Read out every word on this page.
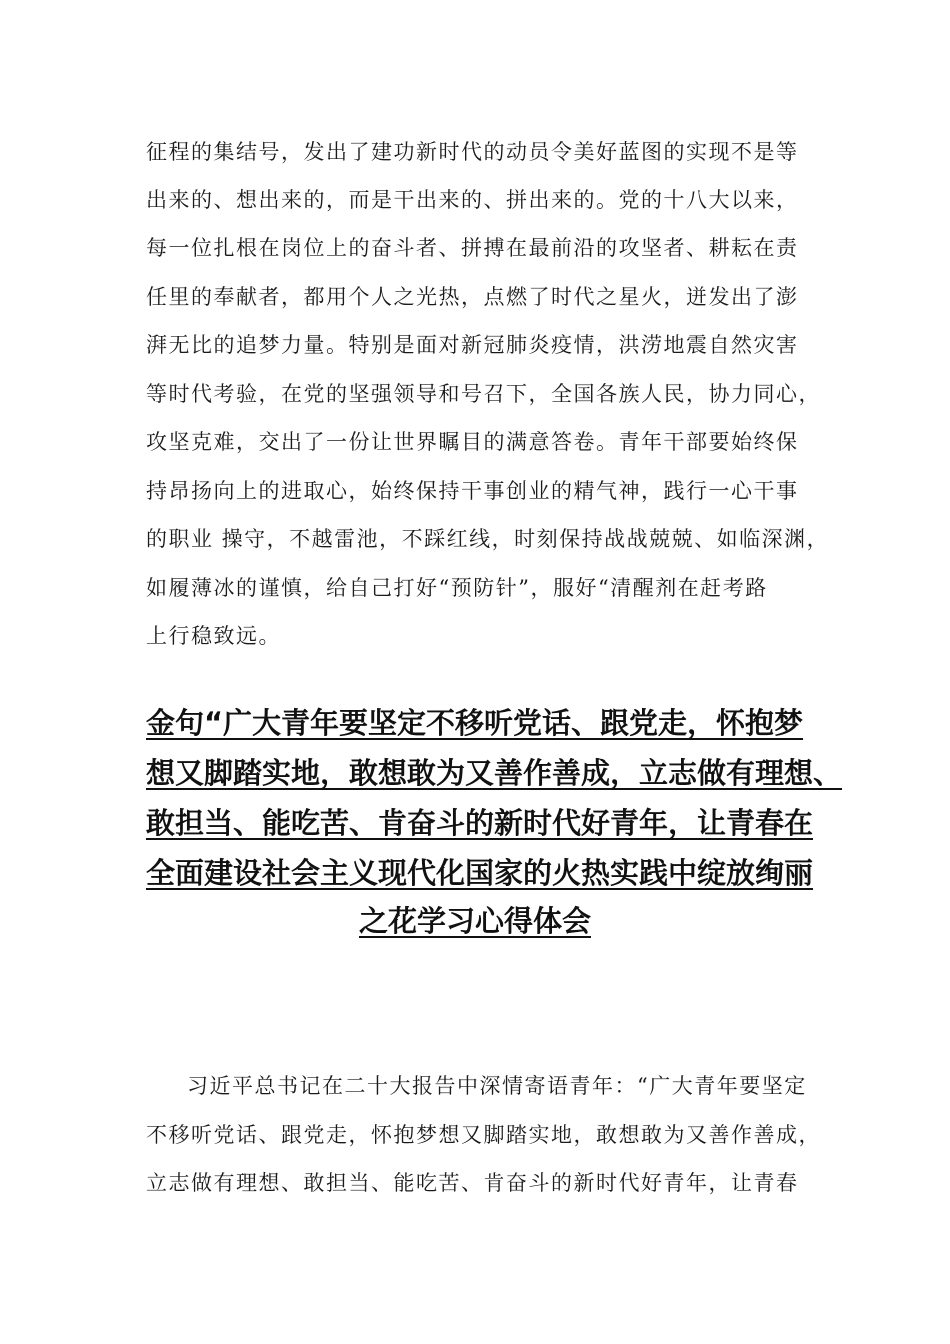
征程的集结号，发出了建功新时代的动员令美好蓝图的实现不是等
出来的、想出来的，而是干出来的、拼出来的。党的十八大以来，
每一位扎根在岗位上的奋斗者、拼搏在最前沿的攻坚者、耕耘在责
任里的奉献者，都用个人之光热，点燃了时代之星火，迸发出了澎
湃无比的追梦力量。特别是面对新冠肺炎疫情，洪涝地震自然灾害
等时代考验，在党的坚强领导和号召下，全国各族人民，协力同心，
攻坚克难，交出了一份让世界瞩目的满意答卷。青年干部要始终保
持昂扬向上的进取心，始终保持干事创业的精气神，践行一心干事
的职业 操守，不越雷池，不踩红线，时刻保持战战兢兢、如临深渊，
如履薄冰的谨慎，给自己打好“预防针”，服好“清醒剂在赶考路
上行稳致远。
金句“广大青年要坚定不移听党话、跟党走，怀抱梦
想又脚踏实地，敢想敢为又善作善成，立志做有理想、
敢担当、能吃苦、肯奋斗的新时代好青年，让青春在
全面建设社会主义现代化国家的火热实践中绽放绚丽
之花学习心得体会
习近平总书记在二十大报告中深情寄语青年：“广大青年要坚定
不移听党话、跟党走，怀抱梦想又脚踏实地，敢想敢为又善作善成，
立志做有理想、敢担当、能吃苦、肯奋斗的新时代好青年，让青春
